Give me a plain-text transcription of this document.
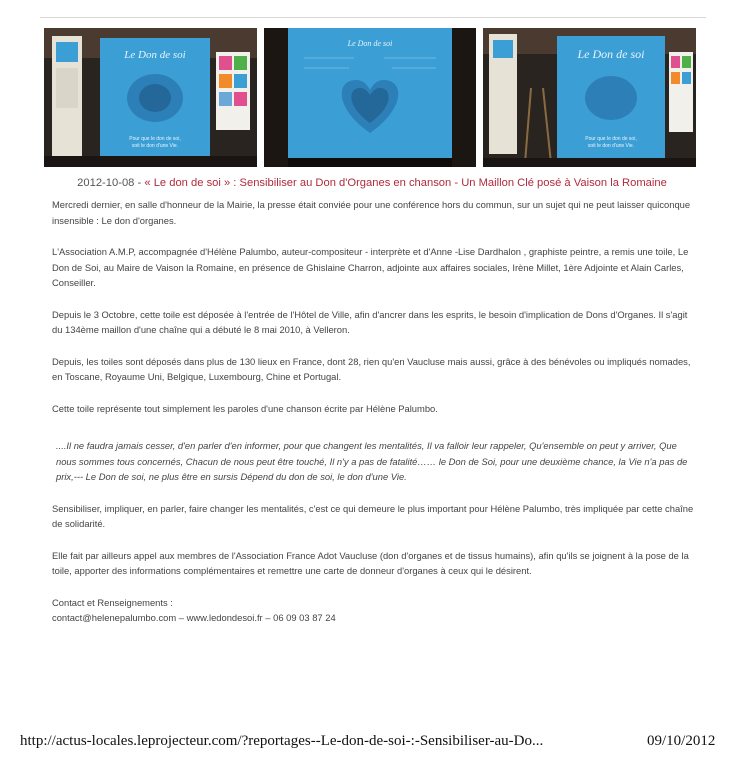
Le Don de soi
Pour que le don de soi,
soit le don d'une Vie.
Le Don de soi
Le Don de soi
Pour que le don de soi,
soit le don d'une Vie.
2012-10-08 - « Le don de soi » : Sensibiliser au Don d'Organes en chanson - Un Maillon Clé posé à Vaison la Romaine

Mercredi dernier, en salle d'honneur de la Mairie, la presse était conviée pour une conférence hors du commun, sur un sujet qui ne peut laisser quiconque insensible : Le don d'organes.

L'Association A.M.P, accompagnée d'Hélène Palumbo, auteur-compositeur - interprète et d'Anne -Lise Dardhalon , graphiste peintre, a remis une toile, Le Don de Soi, au Maire de Vaison la Romaine, en présence de Ghislaine Charron, adjointe aux affaires sociales, Irène Millet, 1ère Adjointe et Alain Carles, Conseiller.

Depuis le 3 Octobre, cette toile est déposée à l'entrée de l'Hôtel de Ville, afin d'ancrer dans les esprits, le besoin d'implication de Dons d'Organes. Il s'agit du 134ème maillon d'une chaîne qui a débuté le 8 mai 2010, à Velleron.

Depuis, les toiles sont déposés dans plus de 130 lieux en France, dont 28, rien qu'en Vaucluse mais aussi, grâce à des bénévoles ou impliqués nomades, en Toscane, Royaume Uni, Belgique, Luxembourg, Chine et Portugal.

Cette toile représente tout simplement les paroles d'une chanson écrite par Hélène Palumbo.

....Il ne faudra jamais cesser, d'en parler d'en informer, pour que changent les mentalités, Il va falloir leur rappeler, Qu'ensemble on peut y arriver, Que nous sommes tous concernés, Chacun de nous peut être touché, Il n'y a pas de fatalité…… le Don de Soi, pour une deuxième chance, la Vie n'a pas de prix,--- Le Don de soi, ne plus être en sursis Dépend du don de soi, le don d'une Vie.

Sensibiliser, impliquer, en parler, faire changer les mentalités, c'est ce qui demeure le plus important pour Hélène Palumbo, très impliquée par cette chaîne de solidarité.

Elle fait par ailleurs appel aux membres de l'Association France Adot Vaucluse (don d'organes et de tissus humains), afin qu'ils se joignent à la pose de la toile, apporter des informations complémentaires et remettre une carte de donneur d'organes à ceux qui le désirent.

Contact et Renseignements :

contact@helenepalumbo.com – www.ledondesoi.fr – 06 09 03 87 24

http://actus-locales.leprojecteur.com/?reportages--Le-don-de-soi-:-Sensibiliser-au-Do...	09/10/2012
